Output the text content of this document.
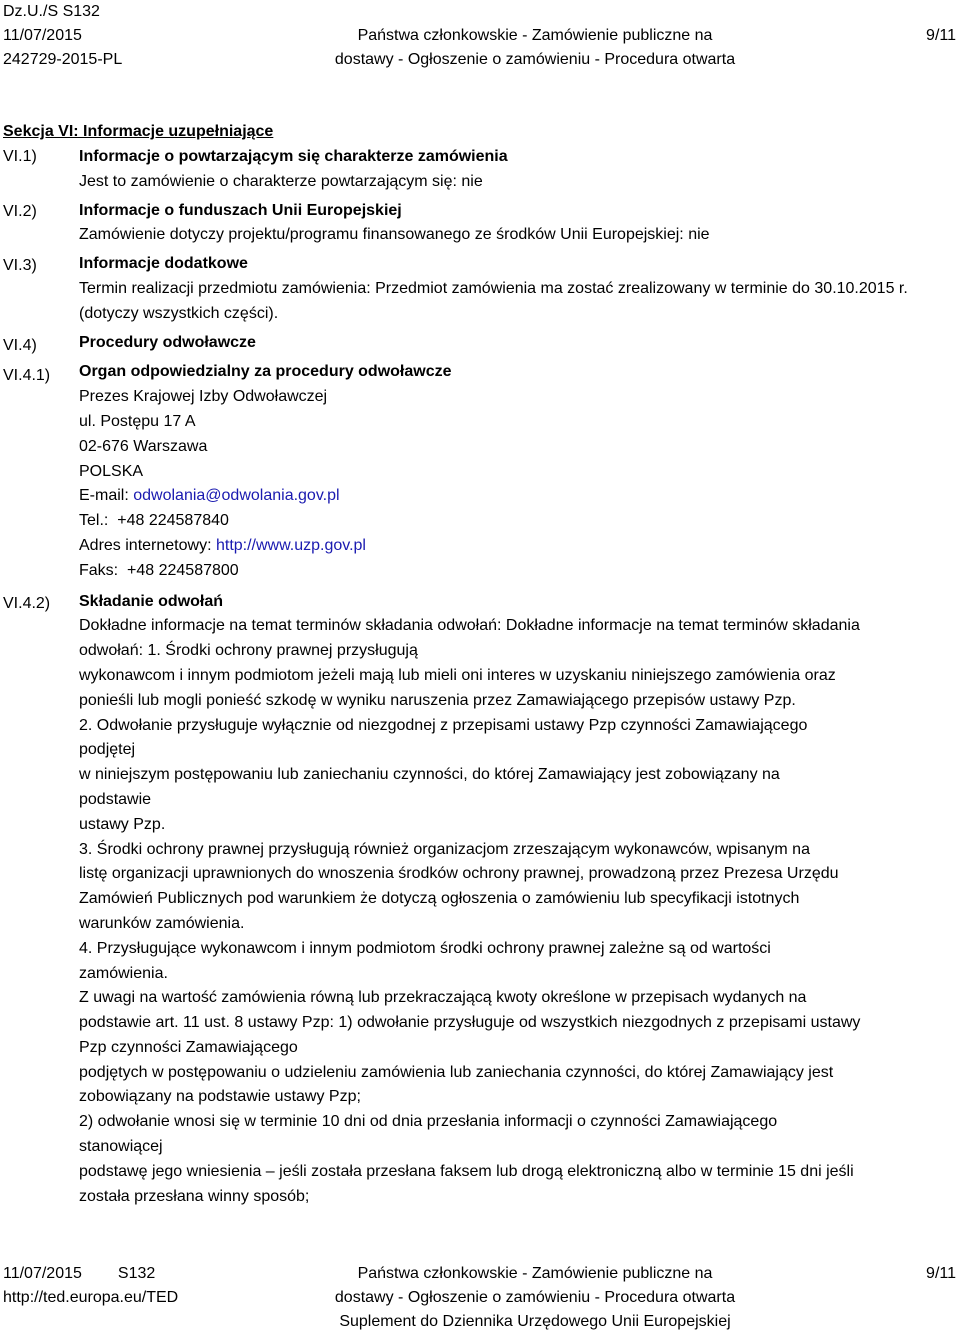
Dz.U./S S132
11/07/2015
242729-2015-PL
Państwa członkowskie - Zamówienie publiczne na
dostawy - Ogłoszenie o zamówieniu - Procedura otwarta
9/11
Sekcja VI: Informacje uzupełniające
VI.1)
VI.2)
VI.3)
VI.4)
VI.4.1)
VI.4.2)

Informacje o powtarzającym się charakterze zamówienia

Jest to zamówienie o charakterze powtarzającym się: nie

Informacje o funduszach Unii Europejskiej

Zamówienie dotyczy projektu/programu finansowanego ze środków Unii Europejskiej: nie

Informacje dodatkowe

Termin realizacji przedmiotu zamówienia: Przedmiot zamówienia ma zostać zrealizowany w terminie do 30.10.2015 r. (dotyczy wszystkich części).

Procedury odwoławcze

Organ odpowiedzialny za procedury odwoławcze

Prezes Krajowej Izby Odwoławczej

ul. Postępu 17 A

02-676 Warszawa

POLSKA

E-mail: odwolania@odwolania.gov.pl

Tel.:  +48 224587840

Adres internetowy: http://www.uzp.gov.pl

Faks:  +48 224587800

Składanie odwołań

Dokładne informacje na temat terminów składania odwołań: Dokładne informacje na temat terminów składania

odwołań: 1. Środki ochrony prawnej przysługują

wykonawcom i innym podmiotom jeżeli mają lub mieli oni interes w uzyskaniu niniejszego zamówienia oraz

ponieśli lub mogli ponieść szkodę w wyniku naruszenia przez Zamawiającego przepisów ustawy Pzp.

2. Odwołanie przysługuje wyłącznie od niezgodnej z przepisami ustawy Pzp czynności Zamawiającego

podjętej

w niniejszym postępowaniu lub zaniechaniu czynności, do której Zamawiający jest zobowiązany na

podstawie

ustawy Pzp.

3. Środki ochrony prawnej przysługują również organizacjom zrzeszającym wykonawców, wpisanym na

listę organizacji uprawnionych do wnoszenia środków ochrony prawnej, prowadzoną przez Prezesa Urzędu

Zamówień Publicznych pod warunkiem że dotyczą ogłoszenia o zamówieniu lub specyfikacji istotnych

warunków zamówienia.

4. Przysługujące wykonawcom i innym podmiotom środki ochrony prawnej zależne są od wartości

zamówienia.

Z uwagi na wartość zamówienia równą lub przekraczającą kwoty określone w przepisach wydanych na

podstawie art. 11 ust. 8 ustawy Pzp: 1) odwołanie przysługuje od wszystkich niezgodnych z przepisami ustawy

Pzp czynności Zamawiającego

podjętych w postępowaniu o udzieleniu zamówienia lub zaniechania czynności, do której Zamawiający jest

zobowiązany na podstawie ustawy Pzp;

2) odwołanie wnosi się w terminie 10 dni od dnia przesłania informacji o czynności Zamawiającego

stanowiącej

podstawę jego wniesienia – jeśli została przesłana faksem lub drogą elektroniczną albo w terminie 15 dni jeśli

została przesłana winny sposób;

11/07/2015 S132
http://ted.europa.eu/TED
Państwa członkowskie - Zamówienie publiczne na
dostawy - Ogłoszenie o zamówieniu - Procedura otwarta
Suplement do Dziennika Urzędowego Unii Europejskiej
9/11
